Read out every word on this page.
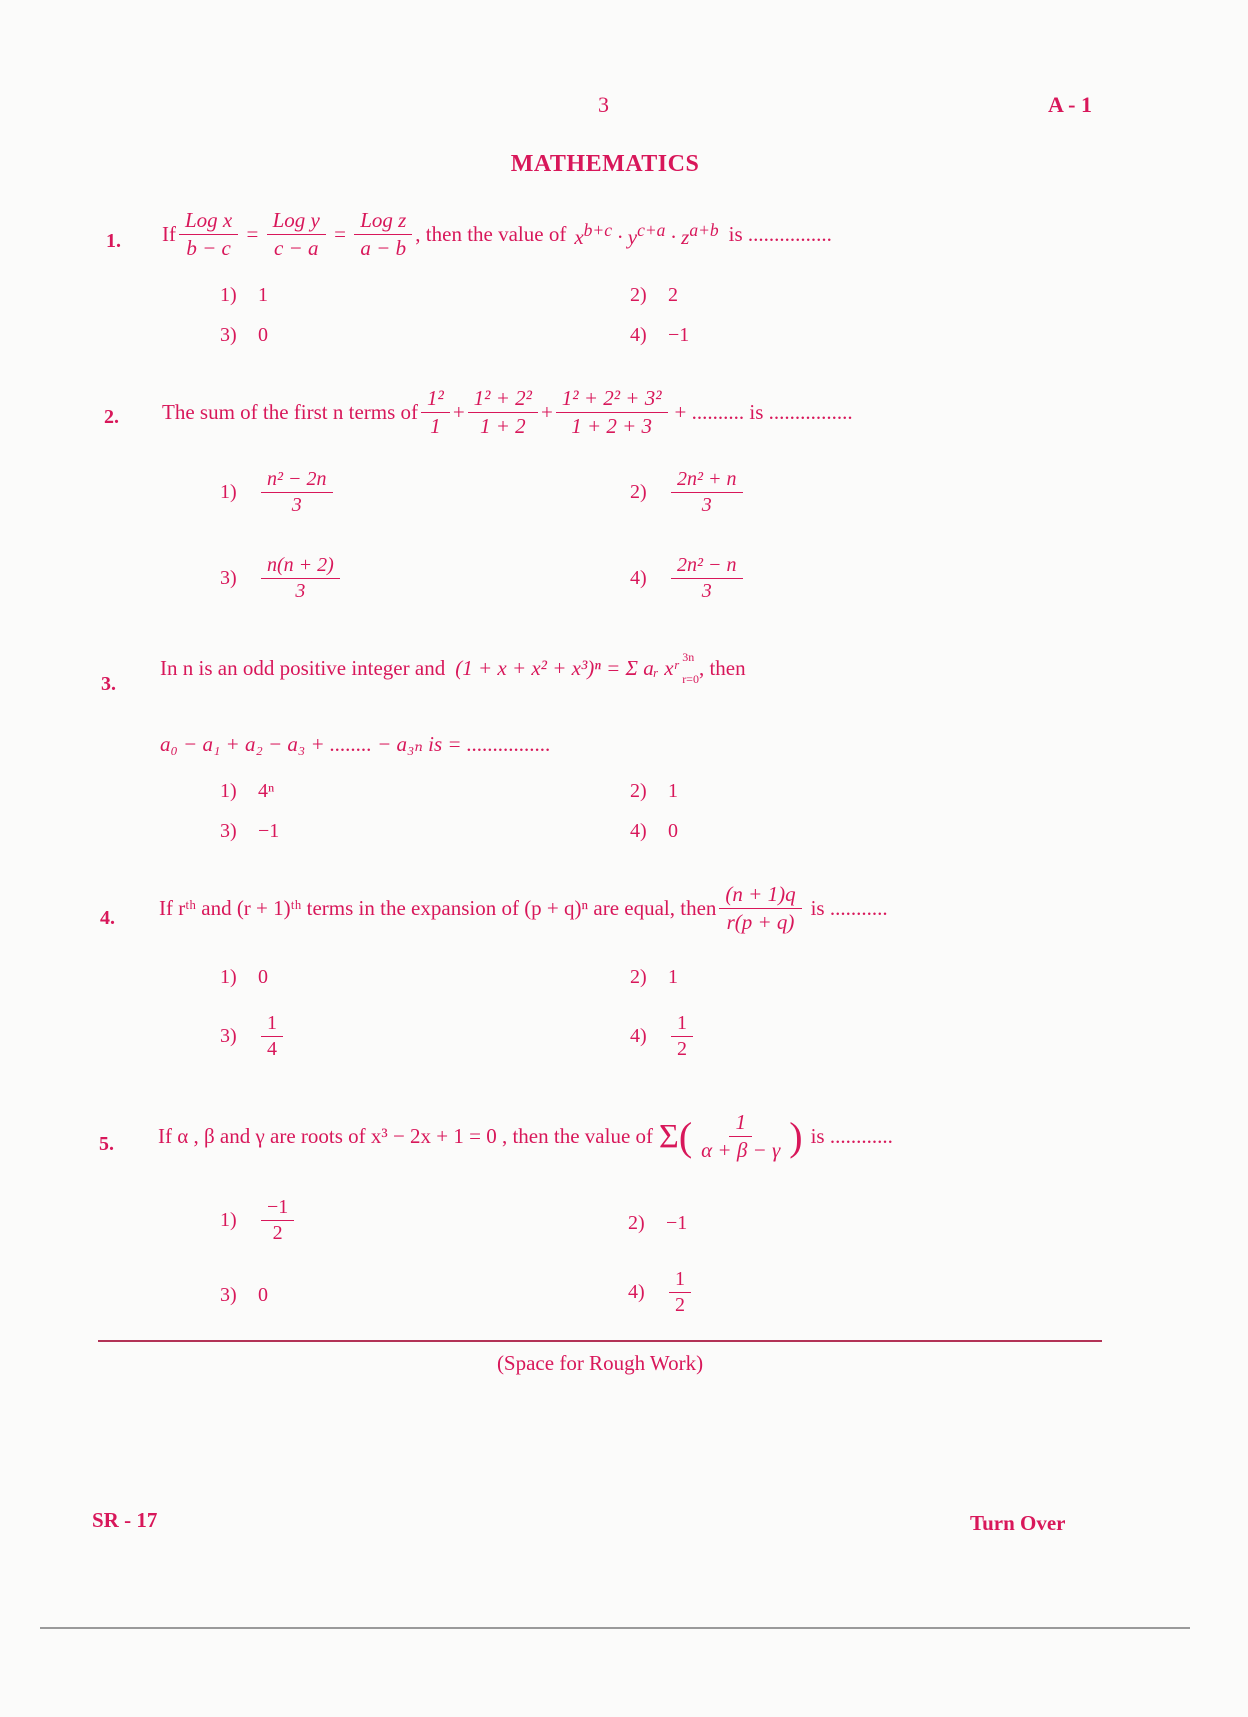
3	A - 1
MATHEMATICS
1. If $\frac{\text{Log x}}{b - c} = \frac{\text{Log y}}{c - a} = \frac{\text{Log z}}{a - b}$ , then the value of $x^{b+c} \cdot y^{c+a} \cdot z^{a+b}$ is ................
1) 1	2) 2
3) 0	4) −1
2. The sum of the first n terms of $\frac{\text{1²}}{1} + \frac{\text{1² + 2²}}{1 + 2} + \frac{\text{1² + 2² + 3²}}{1 + 2 + 3}$ + .......... is ................
1)	$\frac{\text{n² − 2n}}{3}$	2)	$\frac{\text{2n² + n}}{3}$
3)	$\frac{n(n + 2)}{3}$	4)	$\frac{\text{2n² − n}}{3}$
3.
In n is an odd positive integer and (1 + x + x² + x³)ⁿ = Σ aᵣ xʳ 3n
r=0 , then
a₀ − a₁ + a₂ − a₃ + ........ − a₃ₙ is = ................
1) 4ⁿ	2) 1
3) −1	4) 0
4. If rᵗʰ and (r + 1)ᵗʰ terms in the expansion of (p + q)ⁿ are equal, then $\frac{(n + 1)q}{r(p + q)}$ is ...........
1) 0	2) 1
3)	$\frac{1}{4}$	4)	$\frac{1}{2}$
5. If α , β and γ are roots of x³ − 2x + 1 = 0 , then the value of Σ ( $\frac{1}{\alpha + \beta - \gamma}$ ) is ............
1)	$\frac{-1}{2}$	2) −1
3) 0	4)	$\frac{1}{2}$
(Space for Rough Work)
SR - 17	Turn Over
